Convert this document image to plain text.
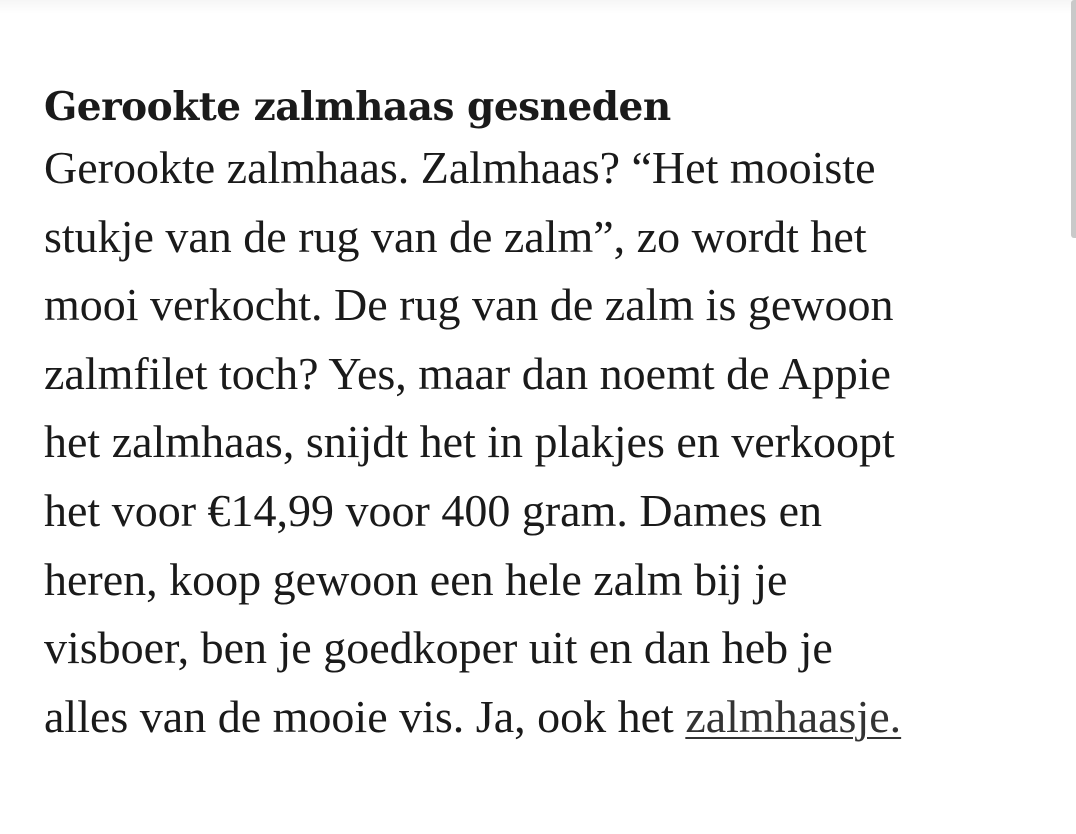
Gerookte zalmhaas gesneden

Gerookte zalmhaas. Zalmhaas? “Het mooiste
stukje van de rug van de zalm”, zo wordt het
mooi verkocht. De rug van de zalm is gewoon
zalmfilet toch? Yes, maar dan noemt de Appie
het zalmhaas, snijdt het in plakjes en verkoopt
het voor €14,99 voor 400 gram. Dames en
heren, koop gewoon een hele zalm bij je
visboer, ben je goedkoper uit en dan heb je
alles van de mooie vis. Ja, ook het zalmhaasje.
